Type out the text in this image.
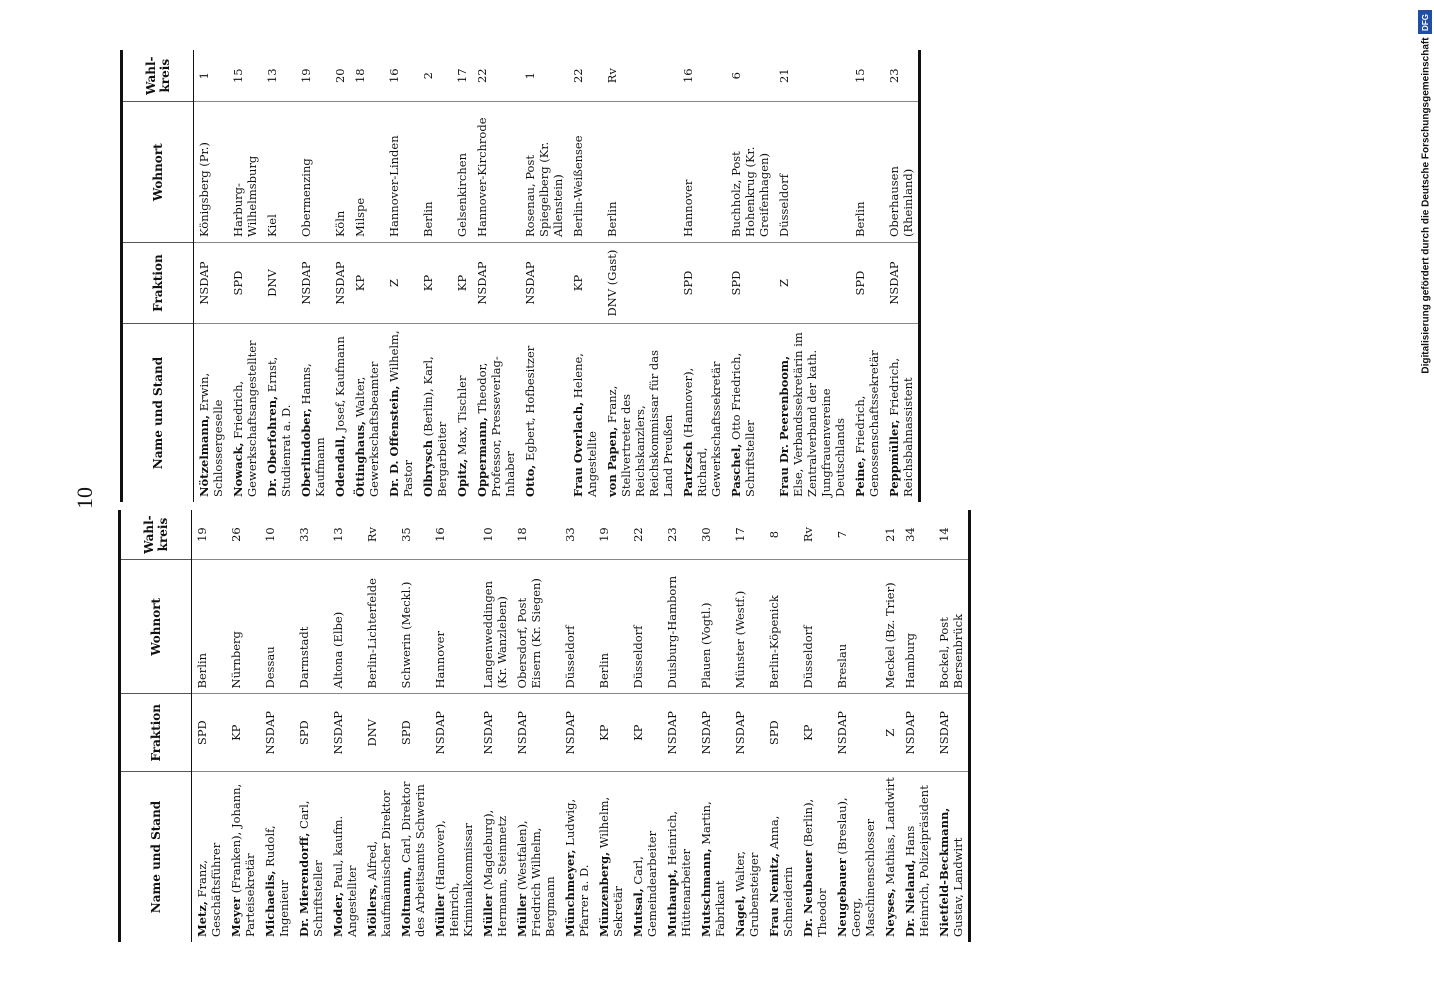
10
Name und Stand	Fraktion	Wohnort	Wahl-kreis
Metz, Franz, Geschäftsführer	SPD	Berlin	19
Meyer (Franken), Johann, Parteisekretär	KP	Nürnberg	26
Michaelis, Rudolf, Ingenieur	NSDAP	Dessau	10
Dr. Mierendorff, Carl, Schriftsteller	SPD	Darmstadt	33
Moder, Paul, kaufm. Angestellter	NSDAP	Altona (Elbe)	13
Möllers, Alfred, kaufmännischer Direktor	DNV	Berlin-Lichterfelde	Rv
Moltmann, Carl, Direktor des Arbeitsamts Schwerin	SPD	Schwerin (Meckl.)	35
Müller (Hannover), Heinrich, Kriminalkommissar	NSDAP	Hannover	16
Müller (Magdeburg), Hermann, Steinmetz	NSDAP	Langenweddingen (Kr. Wanzleben)	10
Müller (Westfalen), Friedrich Wilhelm, Bergmann	NSDAP	Obersdorf, Post Eisern (Kr. Siegen)	18
Münchmeyer, Ludwig, Pfarrer a. D.	NSDAP	Düsseldorf	33
Münzenberg, Wilhelm, Sekretär	KP	Berlin	19
Mutsal, Carl, Gemeindearbeiter	KP	Düsseldorf	22
Muthaupt, Heinrich, Hüttenarbeiter	NSDAP	Duisburg-Hamborn	23
Mutschmann, Martin, Fabrikant	NSDAP	Plauen (Vogtl.)	30
Nagel, Walter, Grubensteiger	NSDAP	Münster (Westf.)	17
Frau Nemitz, Anna, Schneiderin	SPD	Berlin-Köpenick	8
Dr. Neubauer (Berlin), Theodor	KP	Düsseldorf	Rv
Neugebauer (Breslau), Georg, Maschinenschlosser	NSDAP	Breslau	7
Neyses, Mathias, Landwirt	Z	Meckel (Bz. Trier)	21
Dr. Nieland, Hans Heinrich, Polizeipräsident	NSDAP	Hamburg	34
Nietfeld-Beckmann, Gustav, Landwirt	NSDAP	Bockel, Post Bersenbrück	14
Name und Stand	Fraktion	Wohnort	Wahl-kreis
Nötzelmann, Erwin, Schlossergeselle	NSDAP	Königsberg (Pr.)	1
Nowack, Friedrich, Gewerkschaftsangestellter	SPD	Harburg-Wilhelmsburg	15
Dr. Oberfohren, Ernst, Studienrat a. D.	DNV	Kiel	13
Oberlindober, Hanns, Kaufmann	NSDAP	Obermenzing	19
Odendall, Josef, Kaufmann	NSDAP	Köln	20
Öttinghaus, Walter, Gewerkschaftsbeamter	KP	Milspe	18
Dr. D. Offenstein, Wilhelm, Pastor	Z	Hannover-Linden	16
Olbrysch (Berlin), Karl, Bergarbeiter	KP	Berlin	2
Opitz, Max, Tischler	KP	Gelsenkirchen	17
Oppermann, Theodor, Professor, Presseverlag-Inhaber	NSDAP	Hannover-Kirchrode	22
Otto, Egbert, Hofbesitzer	NSDAP	Rosenau, Post Spiegelberg (Kr. Allenstein)	1
Frau Overlach, Helene, Angestellte	KP	Berlin-Weißensee	22
von Papen, Franz, Stellvertreter des Reichskanzlers, Reichskommissar für das Land Preußen	DNV (Gast)	Berlin	Rv
Partzsch (Hannover), Richard, Gewerkschaftssekretär	SPD	Hannover	16
Paschel, Otto Friedrich, Schriftsteller	SPD	Buchholz, Post Hohenkrug (Kr. Greifenhagen)	6
Frau Dr. Peerenboom, Else, Verbandssekretärin im Zentralverband der kath. Jungfrauenvereine Deutschlands	Z	Düsseldorf	21
Peine, Friedrich, Genossenschaftssekretär	SPD	Berlin	15
Peppmüller, Friedrich, Reichsbahnassistent	NSDAP	Oberhausen (Rheinland)	23
DFG
Digitalisierung gefördert durch die Deutsche Forschungsgemeinschaft
